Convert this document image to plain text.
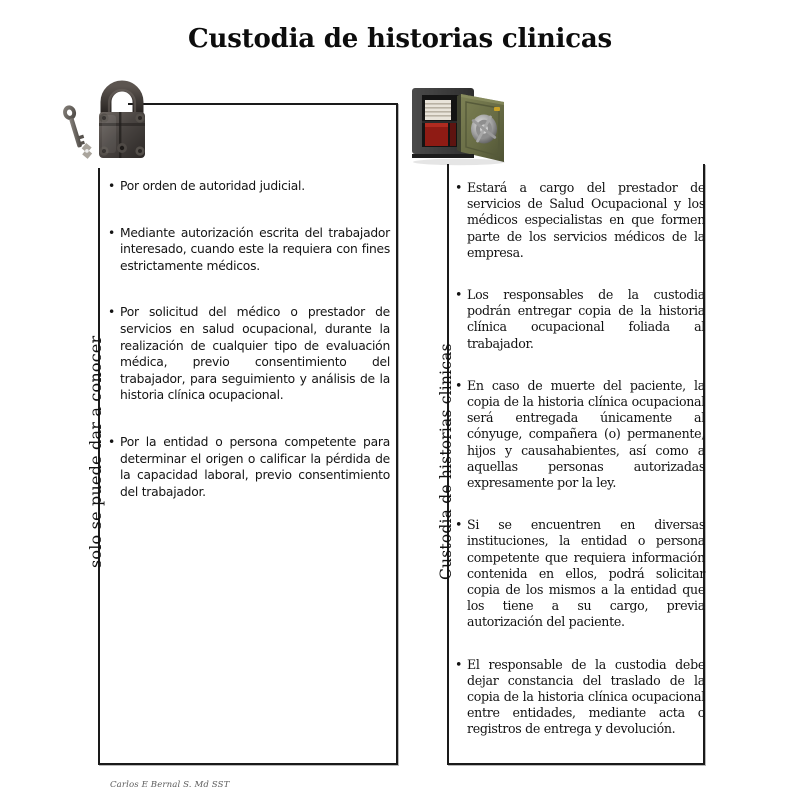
Custodia de historias clinicas
• Por orden de autoridad judicial.
• Mediante autorización escrita del trabajador interesado, cuando este la requiera con fines estrictamente médicos.
• Por solicitud del médico o prestador de servicios en salud ocupacional, durante la realización de cualquier tipo de evaluación médica, previo consentimiento del trabajador, para seguimiento y análisis de la historia clínica ocupacional.
• Por la entidad o persona competente para determinar el origen o calificar la pérdida de la capacidad laboral, previo consentimiento del trabajador.
solo se puede dar a conocer
• Estará a cargo del prestador de servicios de Salud Ocupacional y los médicos especialistas en que formen parte de los servicios médicos de la empresa.
• Los responsables de la custodia podrán entregar copia de la historia clínica ocupacional foliada al trabajador.
• En caso de muerte del paciente, la copia de la historia clínica ocupacional será entregada únicamente al cónyuge, compañera (o) permanente, hijos y causahabientes, así como a aquellas personas autorizadas expresamente por la ley.
• Si se encuentren en diversas instituciones, la entidad o persona competente que requiera información contenida en ellos, podrá solicitar copia de los mismos a la entidad que los tiene a su cargo, previa autorización del paciente.
• El responsable de la custodia debe dejar constancia del traslado de la copia de la historia clínica ocupacional entre entidades, mediante acta o registros de entrega y devolución.
Custodia de historias clinicas
Carlos E Bernal S. Md SST
